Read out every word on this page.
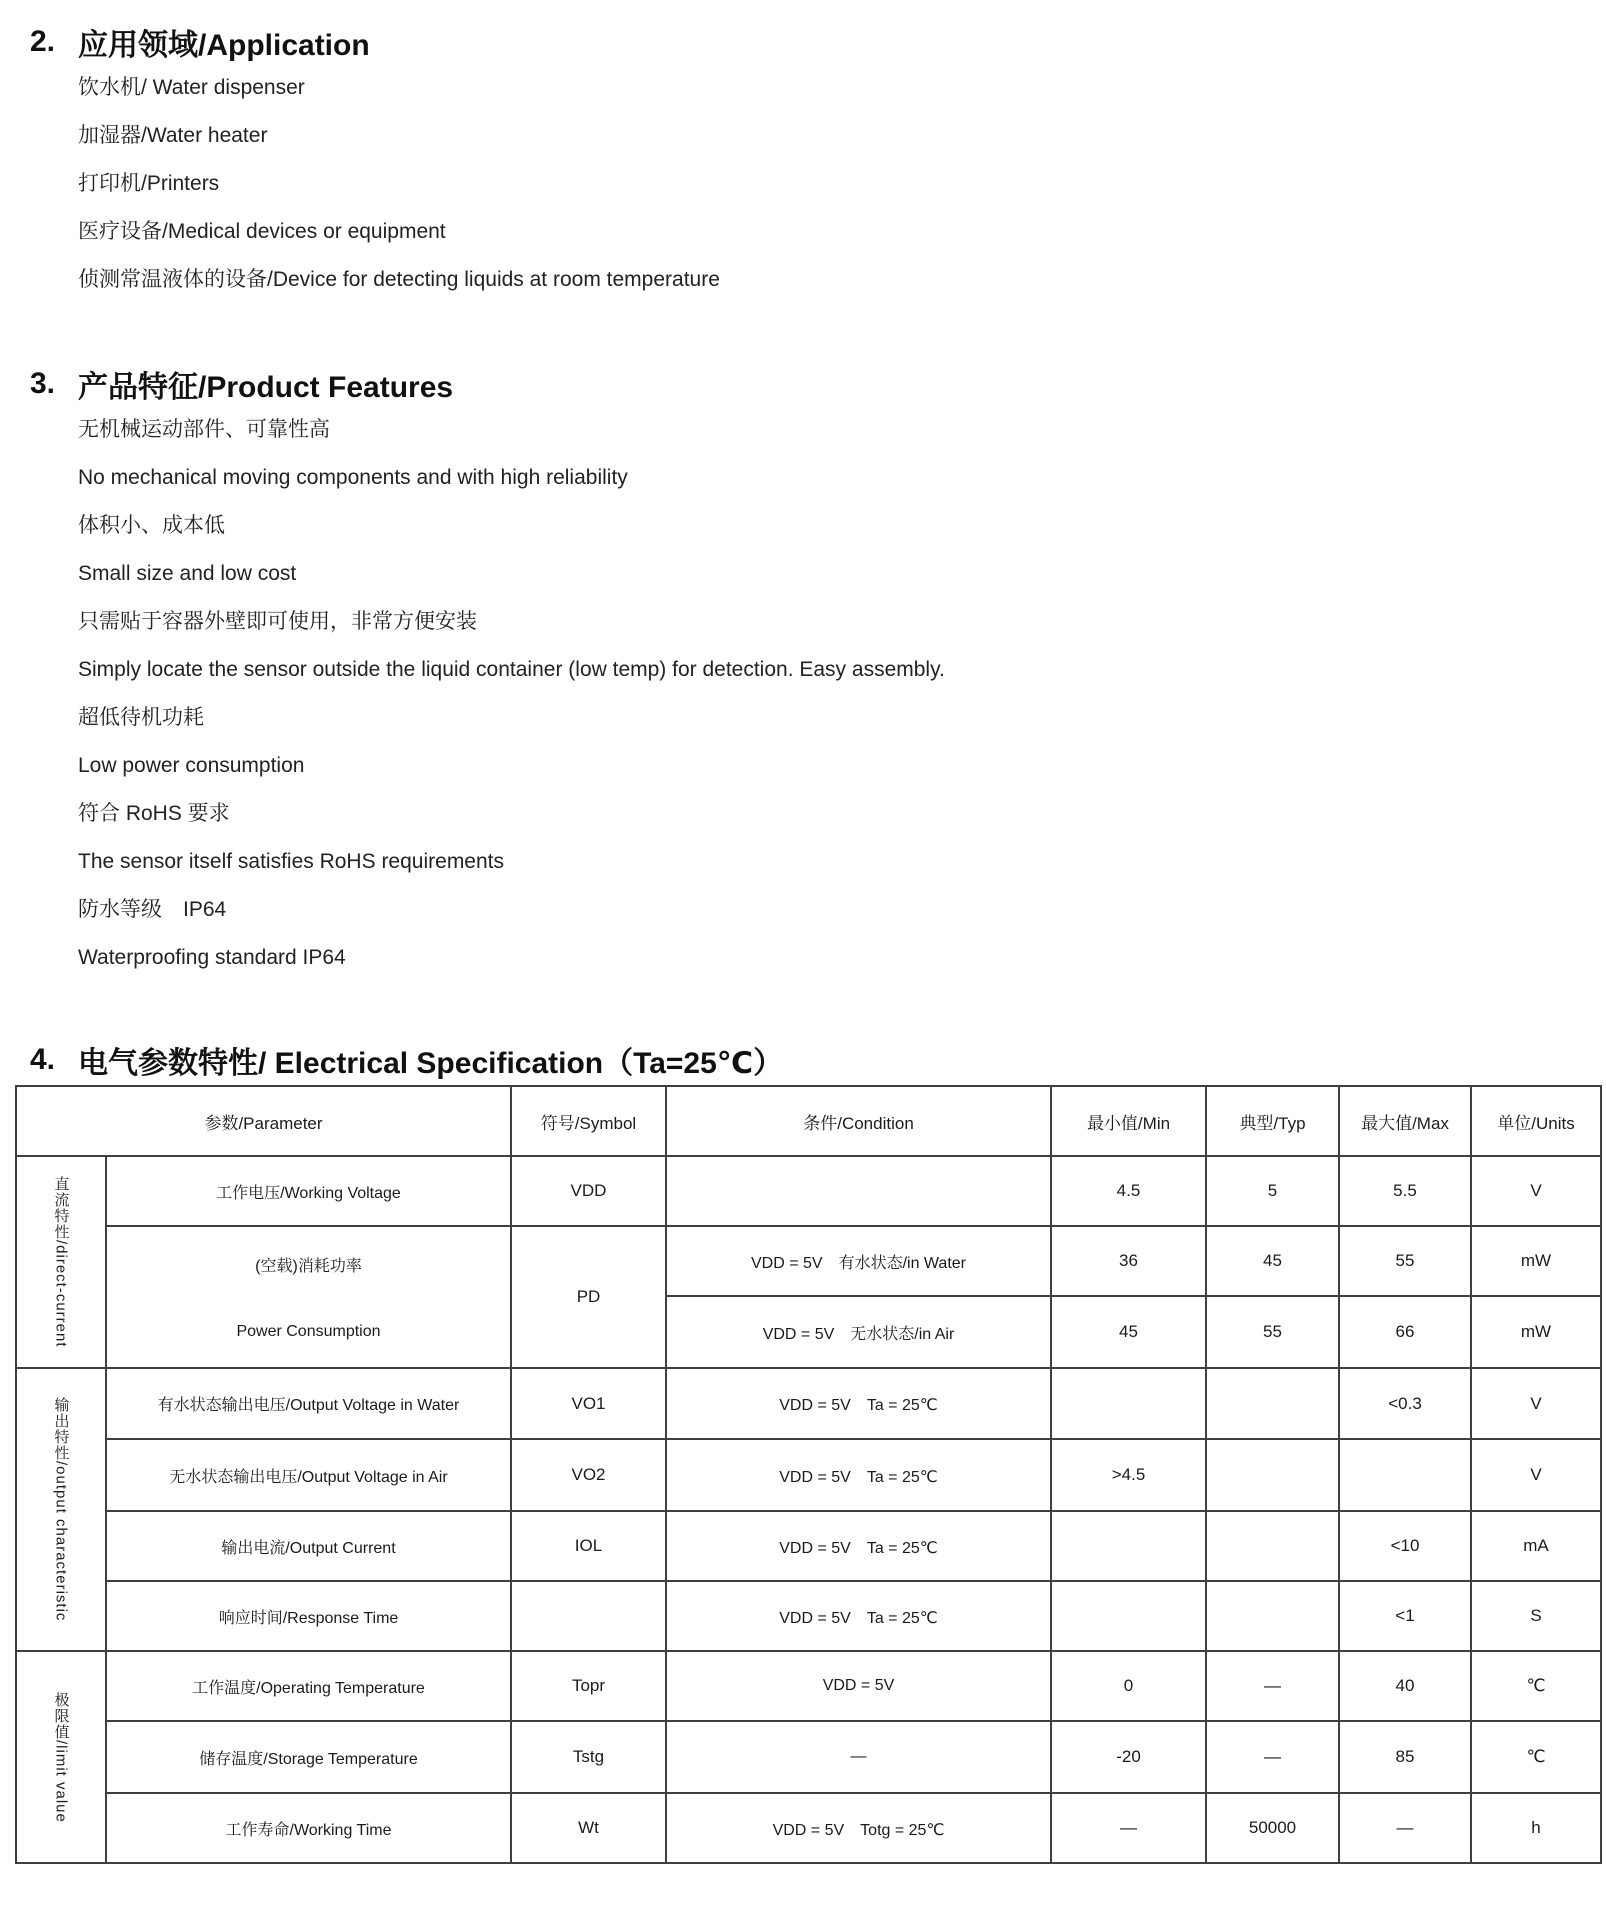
2. 应用领域/Application
饮水机/ Water dispenser
加湿器/Water heater
打印机/Printers
医疗设备/Medical devices or equipment
侦测常温液体的设备/Device for detecting liquids at room temperature
3. 产品特征/Product Features
无机械运动部件、可靠性高
No mechanical moving components and with high reliability
体积小、成本低
Small size and low cost
只需贴于容器外壁即可使用，非常方便安装
Simply locate the sensor outside the liquid container (low temp) for detection. Easy assembly.
超低待机功耗
Low power consumption
符合 RoHS 要求
The sensor itself satisfies RoHS requirements
防水等级　IP64
Waterproofing standard IP64
4. 电气参数特性/ Electrical Specification（Ta=25℃）
参数/Parameter		符号/Symbol	条件/Condition	最小值/Min	典型/Typ	最大值/Max	单位/Units
直流特性/direct-current	工作电压/Working Voltage	VDD		4.5	5	5.5	V

	(空载)消耗功率
Power Consumption	PD	VDD = 5V　有水状态/in Water	36	45	55	mW
			VDD = 5V　无水状态/in Air	45	55	66	mW
输出特性/output characteristic	有水状态输出电压/Output Voltage in Water	VO1	VDD = 5V　Ta = 25℃			<0.3	V
	无水状态输出电压/Output Voltage in Air	VO2	VDD = 5V　Ta = 25℃	>4.5			V
	输出电流/Output Current	IOL	VDD = 5V　Ta = 25℃			<10	mA
	响应时间/Response Time		VDD = 5V　Ta = 25℃			<1	S
极限值/limit value	工作温度/Operating Temperature	Topr	VDD = 5V	0	—	40	℃
	储存温度/Storage Temperature	Tstg	—	-20	—	85	℃
	工作寿命/Working Time	Wt	VDD = 5V　Totg = 25℃	—	50000	—	h
